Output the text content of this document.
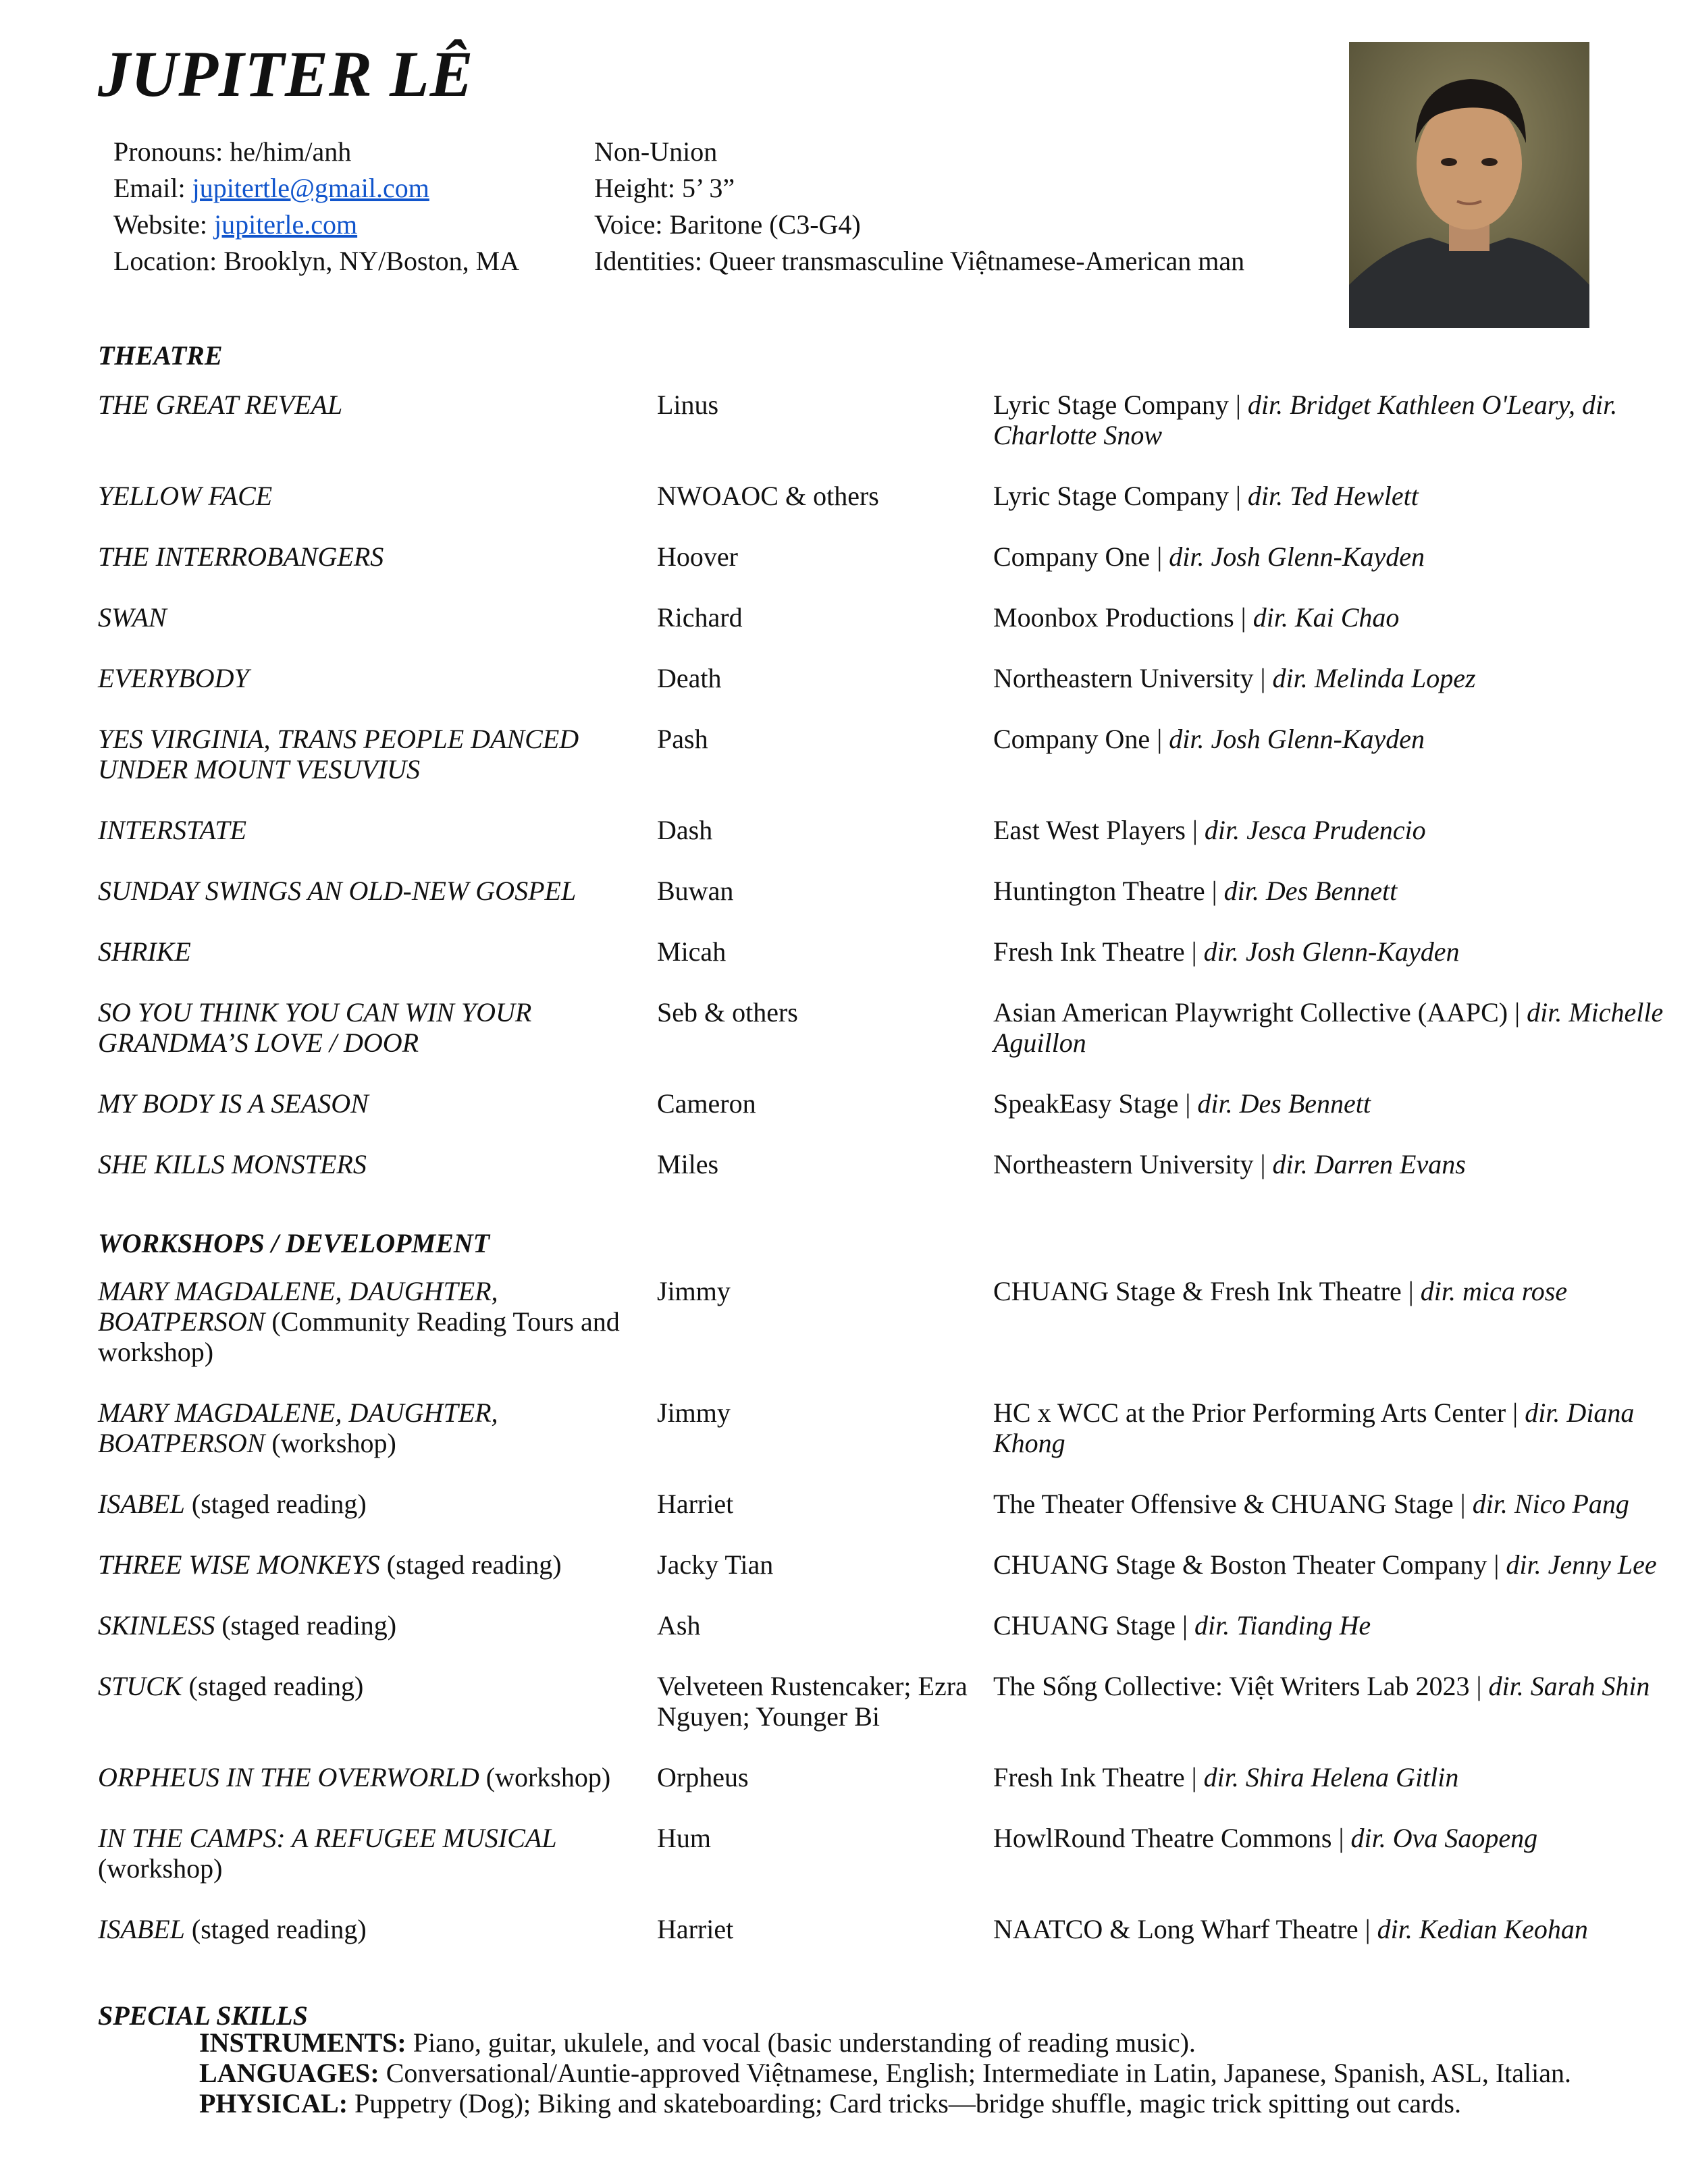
JUPITER LÊ
Pronouns: he/him/anh
Email: jupitertle@gmail.com
Website: jupiterle.com
Location: Brooklyn, NY/Boston, MA
Non-Union
Height: 5’ 3”
Voice: Baritone (C3-G4)
Identities: Queer transmasculine Việtnamese-American man
THEATRE
THE GREAT REVEAL	Linus	Lyric Stage Company | dir. Bridget Kathleen O'Leary, dir. Charlotte Snow
YELLOW FACE	NWOAOC & others	Lyric Stage Company | dir. Ted Hewlett
THE INTERROBANGERS	Hoover	Company One | dir. Josh Glenn-Kayden
SWAN	Richard	Moonbox Productions | dir. Kai Chao
EVERYBODY	Death	Northeastern University | dir. Melinda Lopez
YES VIRGINIA, TRANS PEOPLE DANCED UNDER MOUNT VESUVIUS	Pash	Company One | dir. Josh Glenn-Kayden
INTERSTATE	Dash	East West Players | dir. Jesca Prudencio
SUNDAY SWINGS AN OLD-NEW GOSPEL	Buwan	Huntington Theatre | dir. Des Bennett
SHRIKE	Micah	Fresh Ink Theatre | dir. Josh Glenn-Kayden
SO YOU THINK YOU CAN WIN YOUR GRANDMA’S LOVE / DOOR	Seb & others	Asian American Playwright Collective (AAPC) | dir. Michelle Aguillon
MY BODY IS A SEASON	Cameron	SpeakEasy Stage | dir. Des Bennett
SHE KILLS MONSTERS	Miles	Northeastern University | dir. Darren Evans
WORKSHOPS / DEVELOPMENT
MARY MAGDALENE, DAUGHTER, BOATPERSON (Community Reading Tours and workshop)	Jimmy	CHUANG Stage & Fresh Ink Theatre | dir. mica rose
MARY MAGDALENE, DAUGHTER, BOATPERSON (workshop)	Jimmy	HC x WCC at the Prior Performing Arts Center | dir. Diana Khong
ISABEL (staged reading)	Harriet	The Theater Offensive & CHUANG Stage | dir. Nico Pang
THREE WISE MONKEYS (staged reading)	Jacky Tian	CHUANG Stage & Boston Theater Company | dir. Jenny Lee
SKINLESS (staged reading)	Ash	CHUANG Stage | dir. Tianding He
STUCK (staged reading)	Velveteen Rustencaker; Ezra Nguyen; Younger Bi	The Sống Collective: Việt Writers Lab 2023 | dir. Sarah Shin
ORPHEUS IN THE OVERWORLD (workshop)	Orpheus	Fresh Ink Theatre | dir. Shira Helena Gitlin
IN THE CAMPS: A REFUGEE MUSICAL (workshop)	Hum	HowlRound Theatre Commons | dir. Ova Saopeng
ISABEL (staged reading)	Harriet	NAATCO & Long Wharf Theatre | dir. Kedian Keohan
SPECIAL SKILLS
INSTRUMENTS: Piano, guitar, ukulele, and vocal (basic understanding of reading music).
LANGUAGES: Conversational/Auntie-approved Việtnamese, English; Intermediate in Latin, Japanese, Spanish, ASL, Italian.
PHYSICAL: Puppetry (Dog); Biking and skateboarding; Card tricks—bridge shuffle, magic trick spitting out cards.
